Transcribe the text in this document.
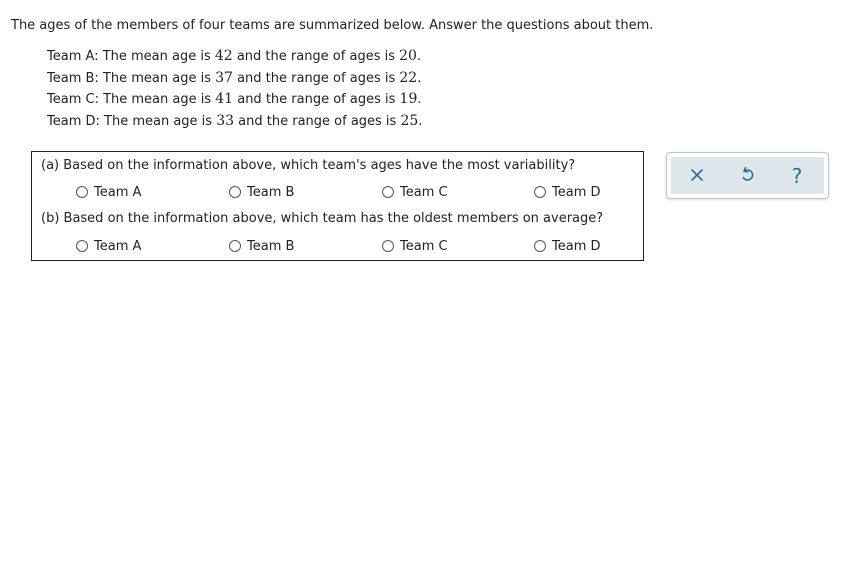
The ages of the members of four teams are summarized below. Answer the questions about them.
Team A: The mean age is 42 and the range of ages is 20.
Team B: The mean age is 37 and the range of ages is 22.
Team C: The mean age is 41 and the range of ages is 19.
Team D: The mean age is 33 and the range of ages is 25.
(a) Based on the information above, which team's ages have the most variability?
Team A	Team B	Team C	Team D
(b) Based on the information above, which team has the oldest members on average?
Team A	Team B	Team C	Team D
?
